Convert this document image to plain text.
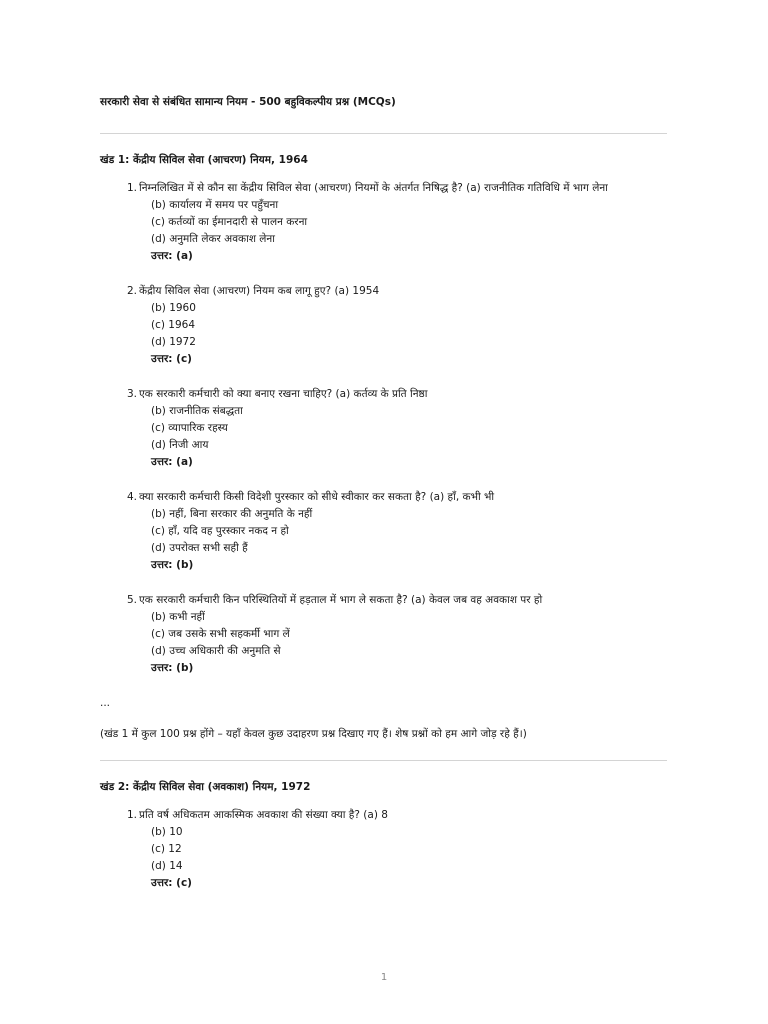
सरकारी सेवा से संबंधित सामान्य नियम - 500 बहुविकल्पीय प्रश्न (MCQs)

खंड 1: केंद्रीय सिविल सेवा (आचरण) नियम, 1964

1. निम्नलिखित में से कौन सा केंद्रीय सिविल सेवा (आचरण) नियमों के अंतर्गत निषिद्ध है? (a) राजनीतिक गतिविधि में भाग लेना
(b) कार्यालय में समय पर पहुँचना
(c) कर्तव्यों का ईमानदारी से पालन करना
(d) अनुमति लेकर अवकाश लेना
उत्तर: (a)
2. केंद्रीय सिविल सेवा (आचरण) नियम कब लागू हुए? (a) 1954
(b) 1960
(c) 1964
(d) 1972
उत्तर: (c)
3. एक सरकारी कर्मचारी को क्या बनाए रखना चाहिए? (a) कर्तव्य के प्रति निष्ठा
(b) राजनीतिक संबद्धता
(c) व्यापारिक रहस्य
(d) निजी आय
उत्तर: (a)
4. क्या सरकारी कर्मचारी किसी विदेशी पुरस्कार को सीधे स्वीकार कर सकता है? (a) हाँ, कभी भी
(b) नहीं, बिना सरकार की अनुमति के नहीं
(c) हाँ, यदि वह पुरस्कार नकद न हो
(d) उपरोक्त सभी सही हैं
उत्तर: (b)
5. एक सरकारी कर्मचारी किन परिस्थितियों में हड़ताल में भाग ले सकता है? (a) केवल जब वह अवकाश पर हो
(b) कभी नहीं
(c) जब उसके सभी सहकर्मी भाग लें
(d) उच्च अधिकारी की अनुमति से
उत्तर: (b)

...

(खंड 1 में कुल 100 प्रश्न होंगे – यहाँ केवल कुछ उदाहरण प्रश्न दिखाए गए हैं। शेष प्रश्नों को हम आगे जोड़ रहे हैं।)

खंड 2: केंद्रीय सिविल सेवा (अवकाश) नियम, 1972

1. प्रति वर्ष अधिकतम आकस्मिक अवकाश की संख्या क्या है? (a) 8
(b) 10
(c) 12
(d) 14
उत्तर: (c)
1
